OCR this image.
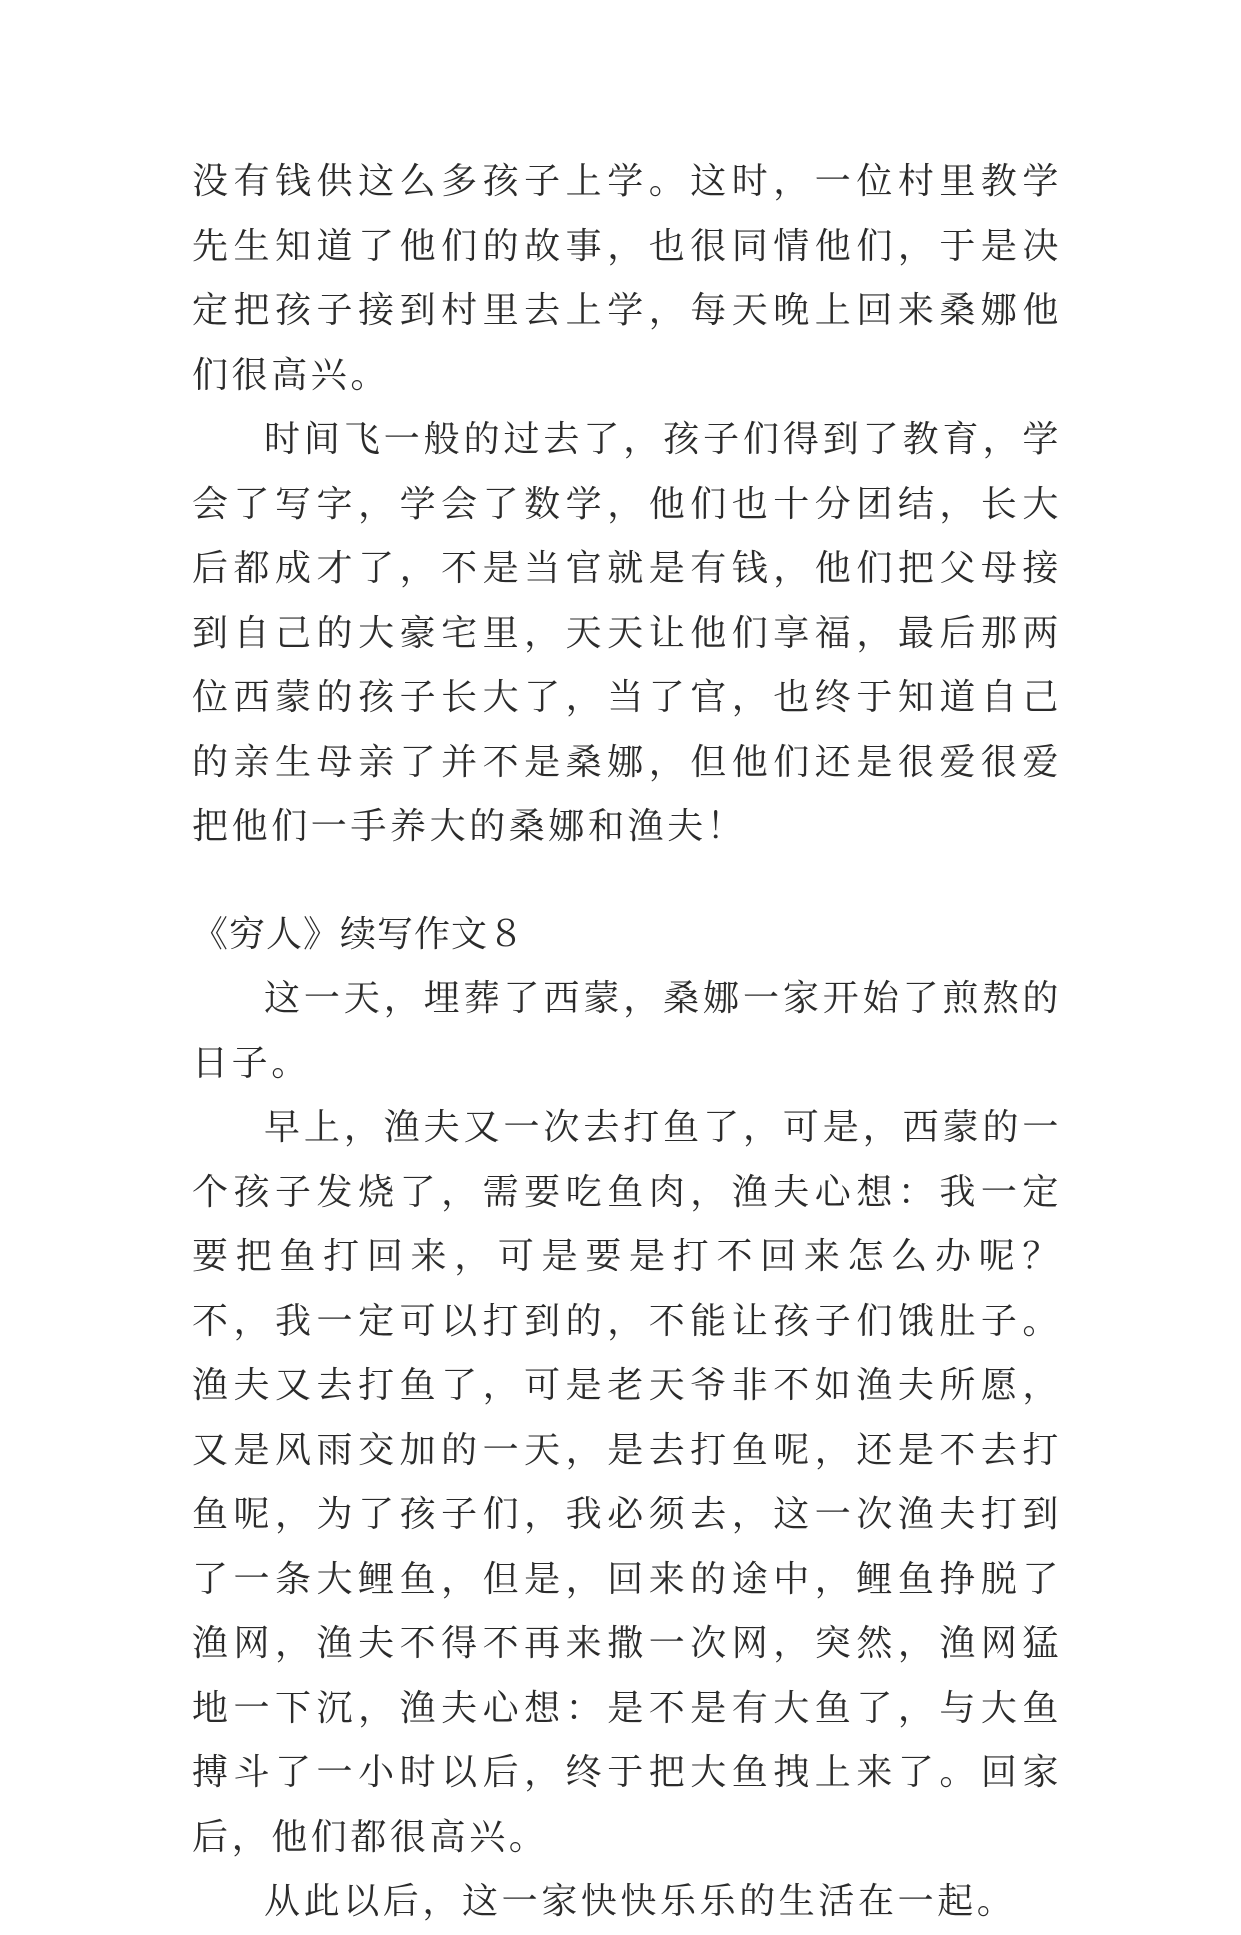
没有钱供这么多孩子上学。这时，一位村里教学先生知道了他们的故事，也很同情他们，于是决定把孩子接到村里去上学，每天晚上回来桑娜他们很高兴。

时间飞一般的过去了，孩子们得到了教育，学会了写字，学会了数学，他们也十分团结，长大后都成才了，不是当官就是有钱，他们把父母接到自己的大豪宅里，天天让他们享福，最后那两位西蒙的孩子长大了，当了官，也终于知道自己的亲生母亲了并不是桑娜，但他们还是很爱很爱把他们一手养大的桑娜和渔夫！

《穷人》续写作文８

这一天，埋葬了西蒙，桑娜一家开始了煎熬的日子。

早上，渔夫又一次去打鱼了，可是，西蒙的一个孩子发烧了，需要吃鱼肉，渔夫心想：我一定要把鱼打回来，可是要是打不回来怎么办呢？不，我一定可以打到的，不能让孩子们饿肚子。渔夫又去打鱼了，可是老天爷非不如渔夫所愿，又是风雨交加的一天，是去打鱼呢，还是不去打鱼呢，为了孩子们，我必须去，这一次渔夫打到了一条大鲤鱼，但是，回来的途中，鲤鱼挣脱了渔网，渔夫不得不再来撒一次网，突然，渔网猛地一下沉，渔夫心想：是不是有大鱼了，与大鱼搏斗了一小时以后，终于把大鱼拽上来了。回家后，他们都很高兴。

从此以后，这一家快快乐乐的生活在一起。
